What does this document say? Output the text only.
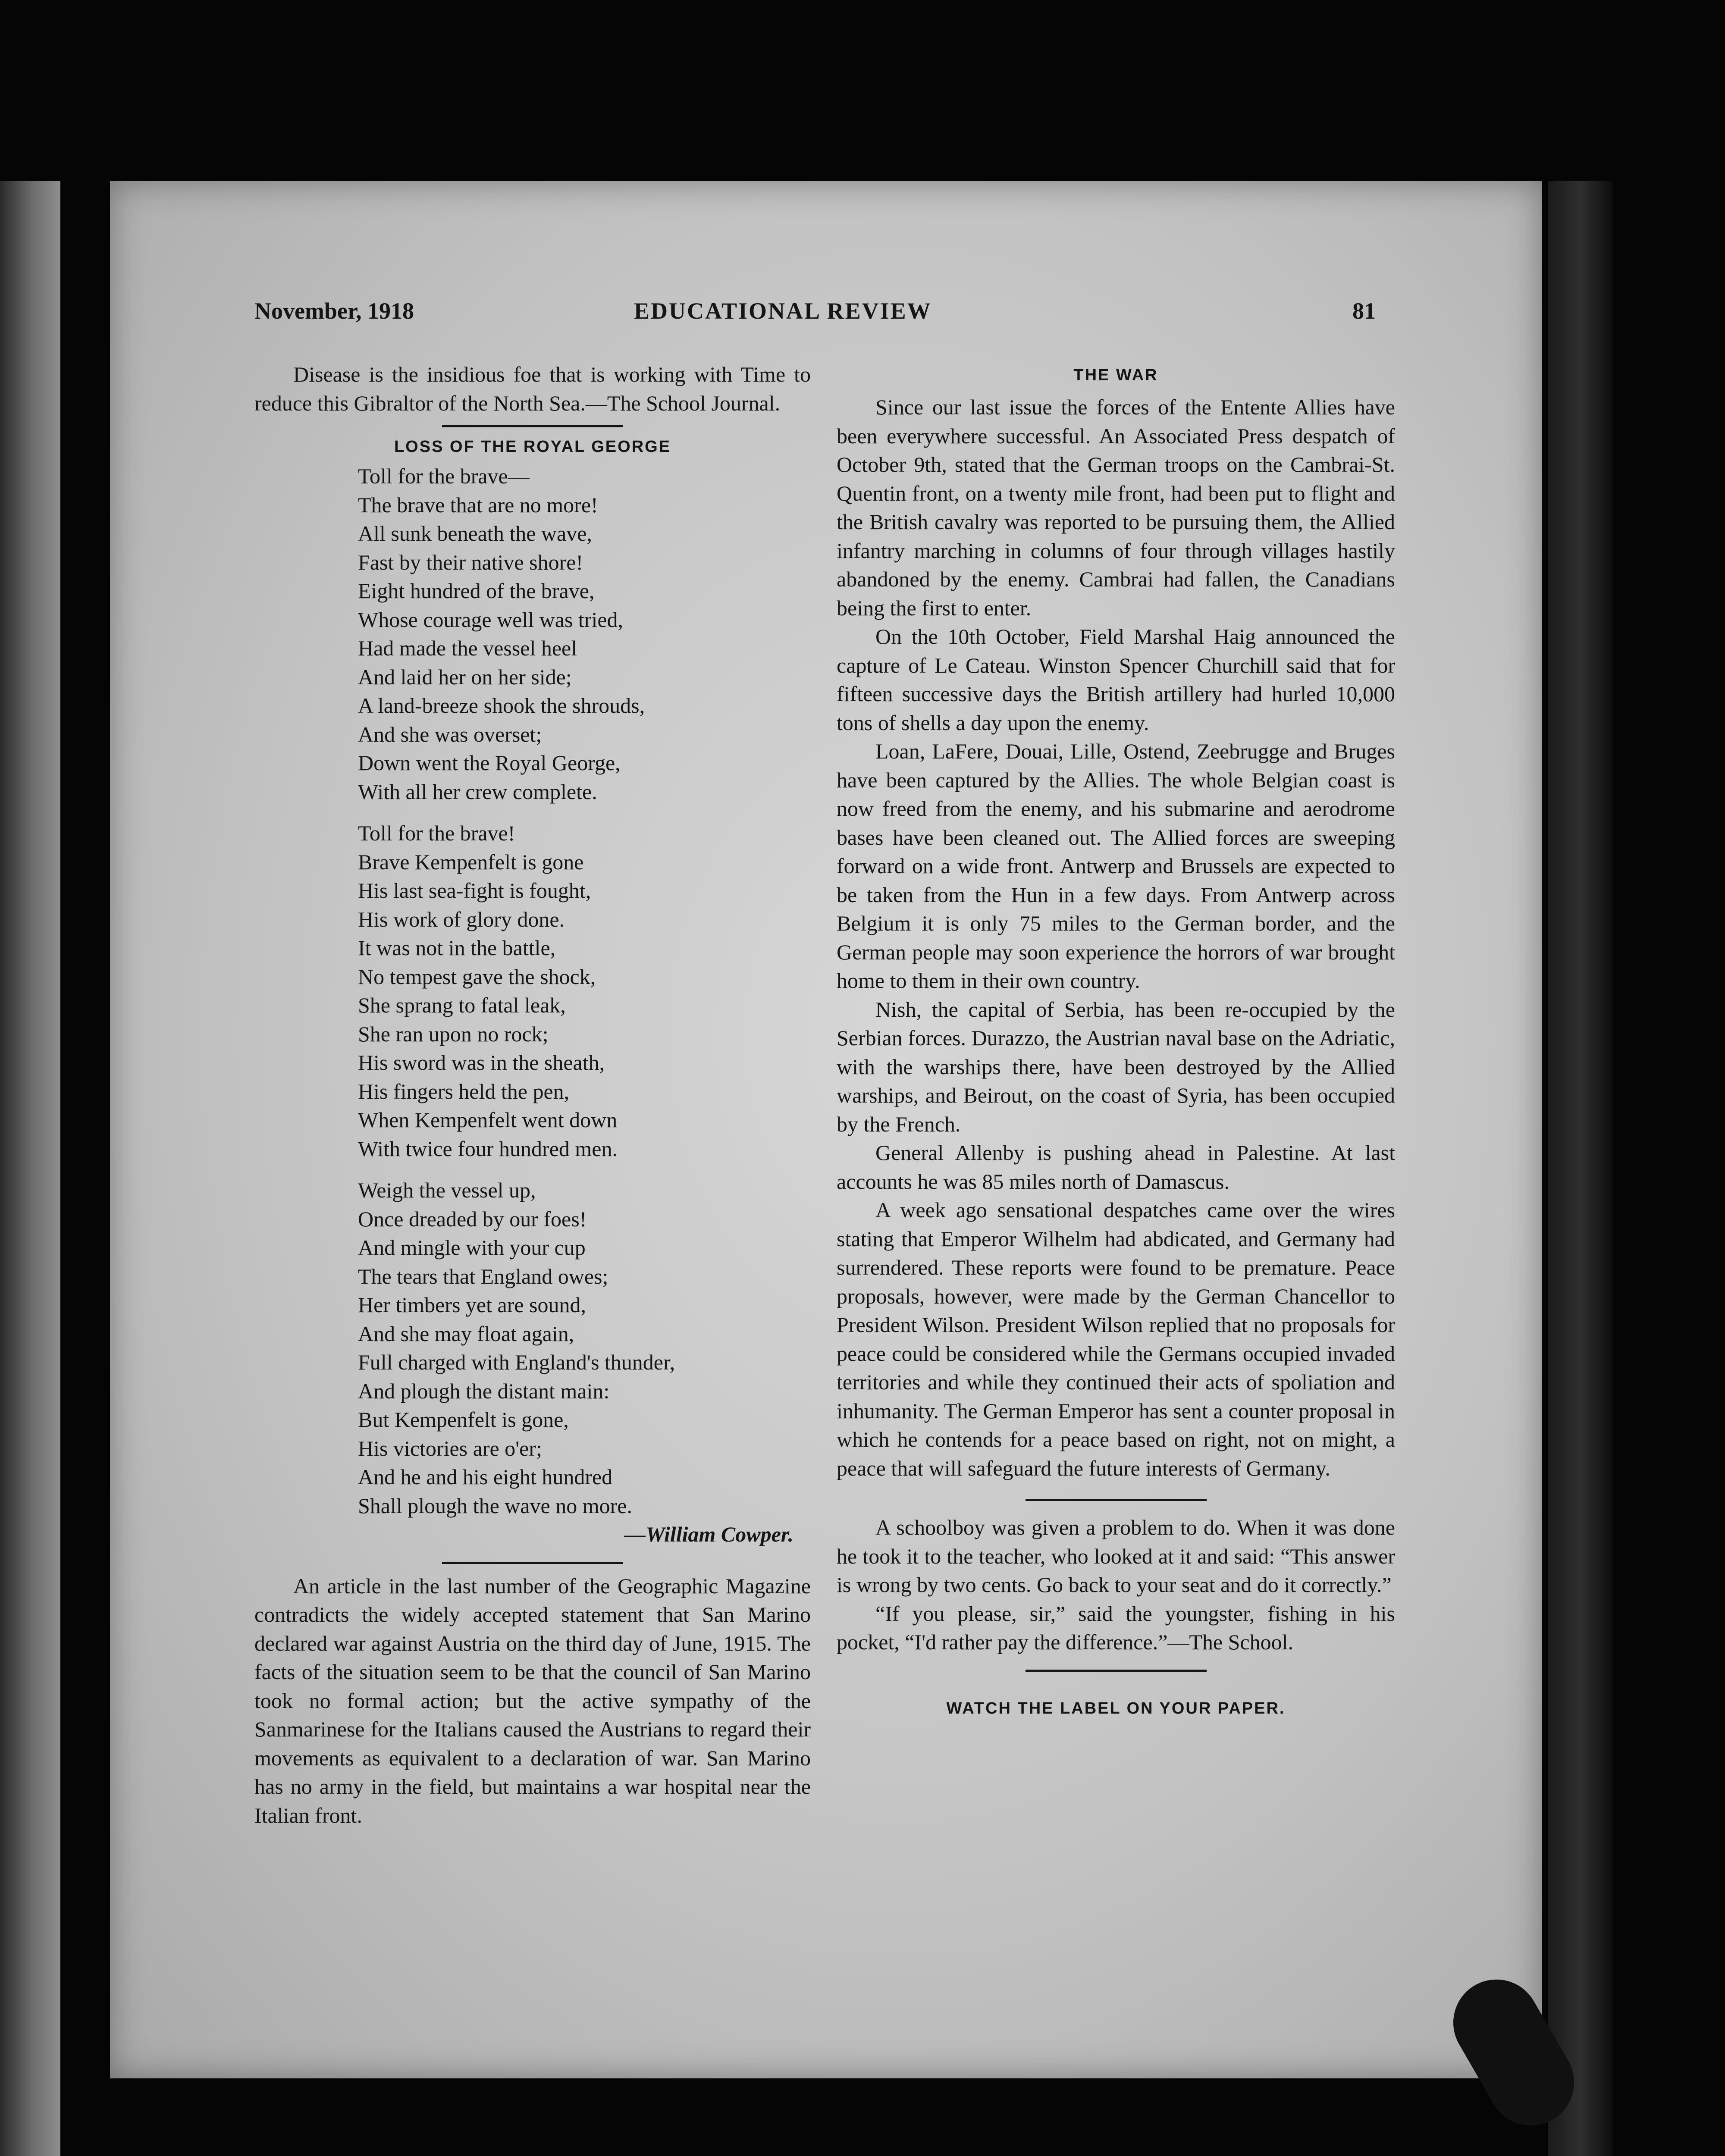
November, 1918	EDUCATIONAL REVIEW	81

Disease is the insidious foe that is working with Time to reduce this Gibraltor of the North Sea.—The School Journal.

LOSS OF THE ROYAL GEORGE

Toll for the brave—
The brave that are no more!
All sunk beneath the wave,
Fast by their native shore!
Eight hundred of the brave,
Whose courage well was tried,
Had made the vessel heel
And laid her on her side;
A land-breeze shook the shrouds,
And she was overset;
Down went the Royal George,
With all her crew complete.
Toll for the brave!
Brave Kempenfelt is gone
His last sea-fight is fought,
His work of glory done.
It was not in the battle,
No tempest gave the shock,
She sprang to fatal leak,
She ran upon no rock;
His sword was in the sheath,
His fingers held the pen,
When Kempenfelt went down
With twice four hundred men.
Weigh the vessel up,
Once dreaded by our foes!
And mingle with your cup
The tears that England owes;
Her timbers yet are sound,
And she may float again,
Full charged with England's thunder,
And plough the distant main:
But Kempenfelt is gone,
His victories are o'er;
And he and his eight hundred
Shall plough the wave no more.
—William Cowper.

An article in the last number of the Geographic Magazine contradicts the widely accepted statement that San Marino declared war against Austria on the third day of June, 1915. The facts of the situation seem to be that the council of San Marino took no formal action; but the active sympathy of the Sanmarinese for the Italians caused the Austrians to regard their movements as equivalent to a declaration of war. San Marino has no army in the field, but maintains a war hospital near the Italian front.

THE WAR

Since our last issue the forces of the Entente Allies have been everywhere successful. An Associated Press despatch of October 9th, stated that the German troops on the Cambrai-St. Quentin front, on a twenty mile front, had been put to flight and the British cavalry was reported to be pursuing them, the Allied infantry marching in columns of four through villages hastily abandoned by the enemy. Cambrai had fallen, the Canadians being the first to enter.

On the 10th October, Field Marshal Haig announced the capture of Le Cateau. Winston Spencer Churchill said that for fifteen successive days the British artillery had hurled 10,000 tons of shells a day upon the enemy.

Loan, LaFere, Douai, Lille, Ostend, Zeebrugge and Bruges have been captured by the Allies. The whole Belgian coast is now freed from the enemy, and his submarine and aerodrome bases have been cleaned out. The Allied forces are sweeping forward on a wide front. Antwerp and Brussels are expected to be taken from the Hun in a few days. From Antwerp across Belgium it is only 75 miles to the German border, and the German people may soon experience the horrors of war brought home to them in their own country.

Nish, the capital of Serbia, has been re-occupied by the Serbian forces. Durazzo, the Austrian naval base on the Adriatic, with the warships there, have been destroyed by the Allied warships, and Beirout, on the coast of Syria, has been occupied by the French.

General Allenby is pushing ahead in Palestine. At last accounts he was 85 miles north of Damascus.

A week ago sensational despatches came over the wires stating that Emperor Wilhelm had abdicated, and Germany had surrendered. These reports were found to be premature. Peace proposals, however, were made by the German Chancellor to President Wilson. President Wilson replied that no proposals for peace could be considered while the Germans occupied invaded territories and while they continued their acts of spoliation and inhumanity. The German Emperor has sent a counter proposal in which he contends for a peace based on right, not on might, a peace that will safeguard the future interests of Germany.

A schoolboy was given a problem to do. When it was done he took it to the teacher, who looked at it and said: “This answer is wrong by two cents. Go back to your seat and do it correctly.”

“If you please, sir,” said the youngster, fishing in his pocket, “I'd rather pay the difference.”—The School.

WATCH THE LABEL ON YOUR PAPER.
